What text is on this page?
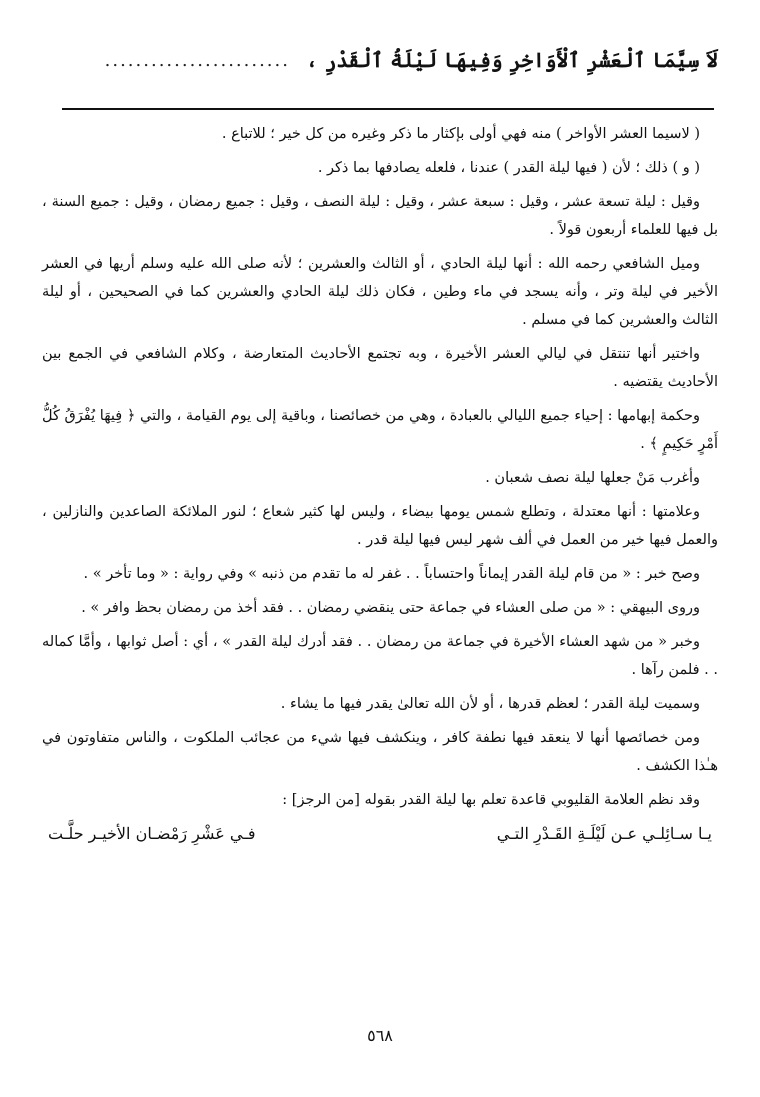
لَاَ سِيَّمَا ٱلْعَشْرِ ٱلْأَوَاخِرِ وَفِيهَا لَيْلَةُ ٱلْقَدْرِ ،
........................

( لاسيما العشر الأواخر ) منه فهي أولى بإكثار ما ذكر وغيره من كل خير ؛ للاتباع .

( و ) ذلك ؛ لأن ( فيها ليلة القدر ) عندنا ، فلعله يصادفها بما ذكر .

وقيل : ليلة تسعة عشر ، وقيل : سبعة عشر ، وقيل : ليلة النصف ، وقيل : جميع رمضان ، وقيل : جميع السنة ، بل فيها للعلماء أربعون قولاً .

وميل الشافعي رحمه الله : أنها ليلة الحادي ، أو الثالث والعشرين ؛ لأنه صلى الله عليه وسلم أريها في العشر الأخير في ليلة وتر ، وأنه يسجد في ماء وطين ، فكان ذلك ليلة الحادي والعشرين كما في الصحيحين ، أو ليلة الثالث والعشرين كما في مسلم .

واختير أنها تنتقل في ليالي العشر الأخيرة ، وبه تجتمع الأحاديث المتعارضة ، وكلام الشافعي في الجمع بين الأحاديث يقتضيه .

وحكمة إبهامها : إحياء جميع الليالي بالعبادة ، وهي من خصائصنا ، وباقية إلى يوم القيامة ، والتي ﴿ فِيهَا يُفْرَقُ كُلُّ أَمْرٍ حَكِيمٍ ﴾ .

وأغرب مَنْ جعلها ليلة نصف شعبان .

وعلامتها : أنها معتدلة ، وتطلع شمس يومها بيضاء ، وليس لها كثير شعاع ؛ لنور الملائكة الصاعدين والنازلين ، والعمل فيها خير من العمل في ألف شهر ليس فيها ليلة قدر .

وصح خبر : « من قام ليلة القدر إيماناً واحتساباً . . غفر له ما تقدم من ذنبه » وفي رواية : « وما تأخر » .

وروى البيهقي : « من صلى العشاء في جماعة حتى ينقضي رمضان . . فقد أخذ من رمضان بحظ وافر » .

وخبر « من شهد العشاء الأخيرة في جماعة من رمضان . . فقد أدرك ليلة القدر » ، أي : أصل ثوابها ، وأمَّا كماله . . فلمن رآها .

وسميت ليلة القدر ؛ لعظم قدرها ، أو لأن الله تعالىٰ يقدر فيها ما يشاء .

ومن خصائصها أنها لا ينعقد فيها نطفة كافر ، وينكشف فيها شيء من عجائب الملكوت ، والناس متفاوتون في هـٰذا الكشف .

وقد نظم العلامة القليوبي قاعدة تعلم بها ليلة القدر بقوله [من الرجز] :

يـا سـائِلـي عـن لَيْلَـةِ القَـدْرِ التـي
فـي عَشْرِ رَمْضـان الأخيـر حلَّـت
٥٦٨
